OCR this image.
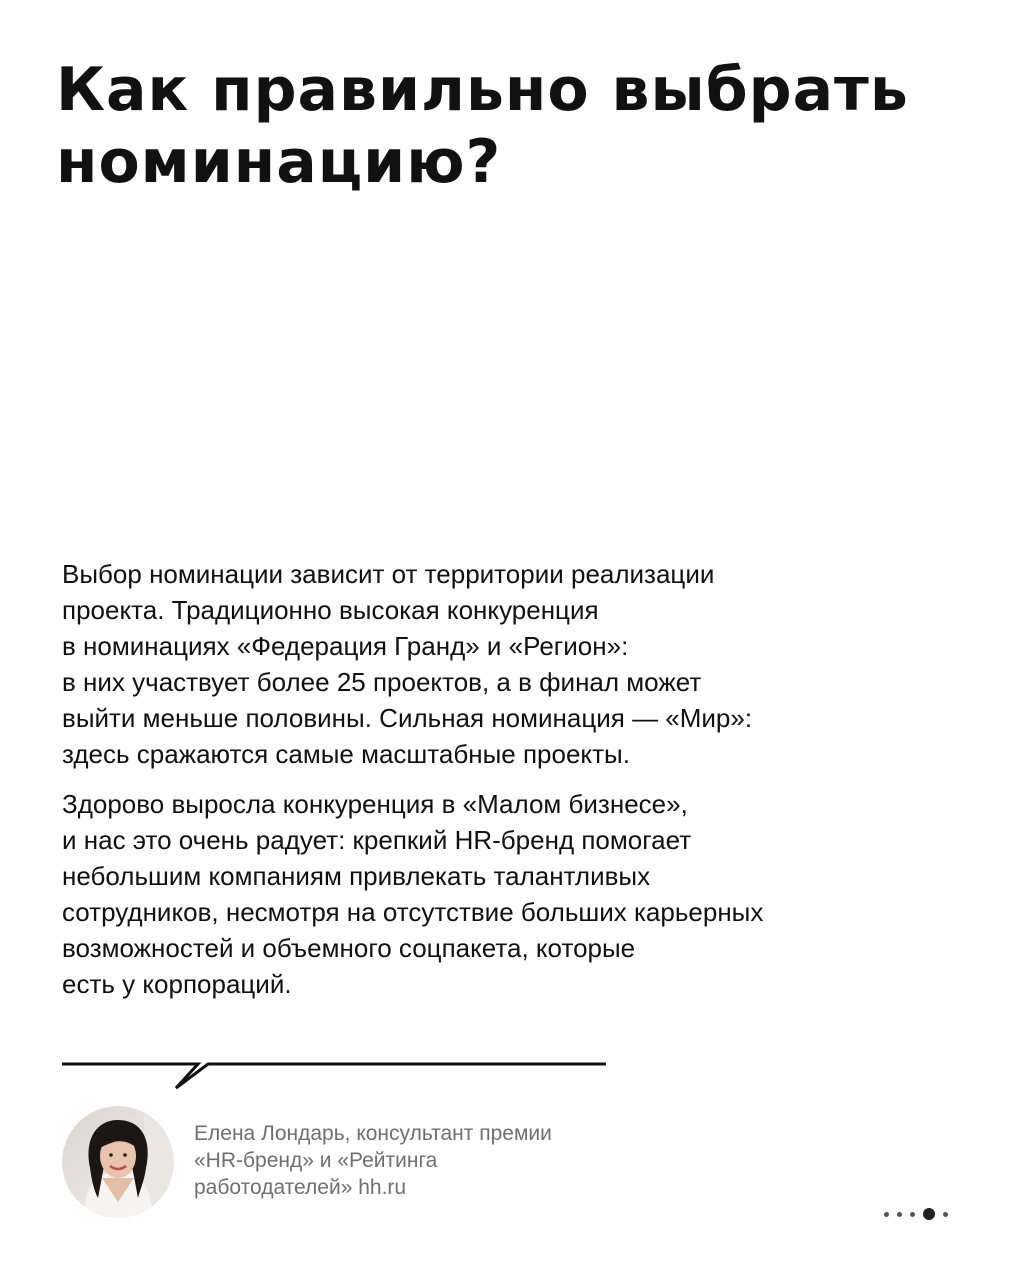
Как правильно выбрать
номинацию?
Выбор номинации зависит от территории реализации
проекта. Традиционно высокая конкуренция
в номинациях «Федерация Гранд» и «Регион»:
в них участвует более 25 проектов, а в финал может
выйти меньше половины. Сильная номинация — «Мир»:
здесь сражаются самые масштабные проекты.
Здорово выросла конкуренция в «Малом бизнесе»,
и нас это очень радует: крепкий HR-бренд помогает
небольшим компаниям привлекать талантливых
сотрудников, несмотря на отсутствие больших карьерных
возможностей и объемного соцпакета, которые
есть у корпораций.
Елена Лондарь, консультант премии
«HR-бренд» и «Рейтинга
работодателей» hh.ru
